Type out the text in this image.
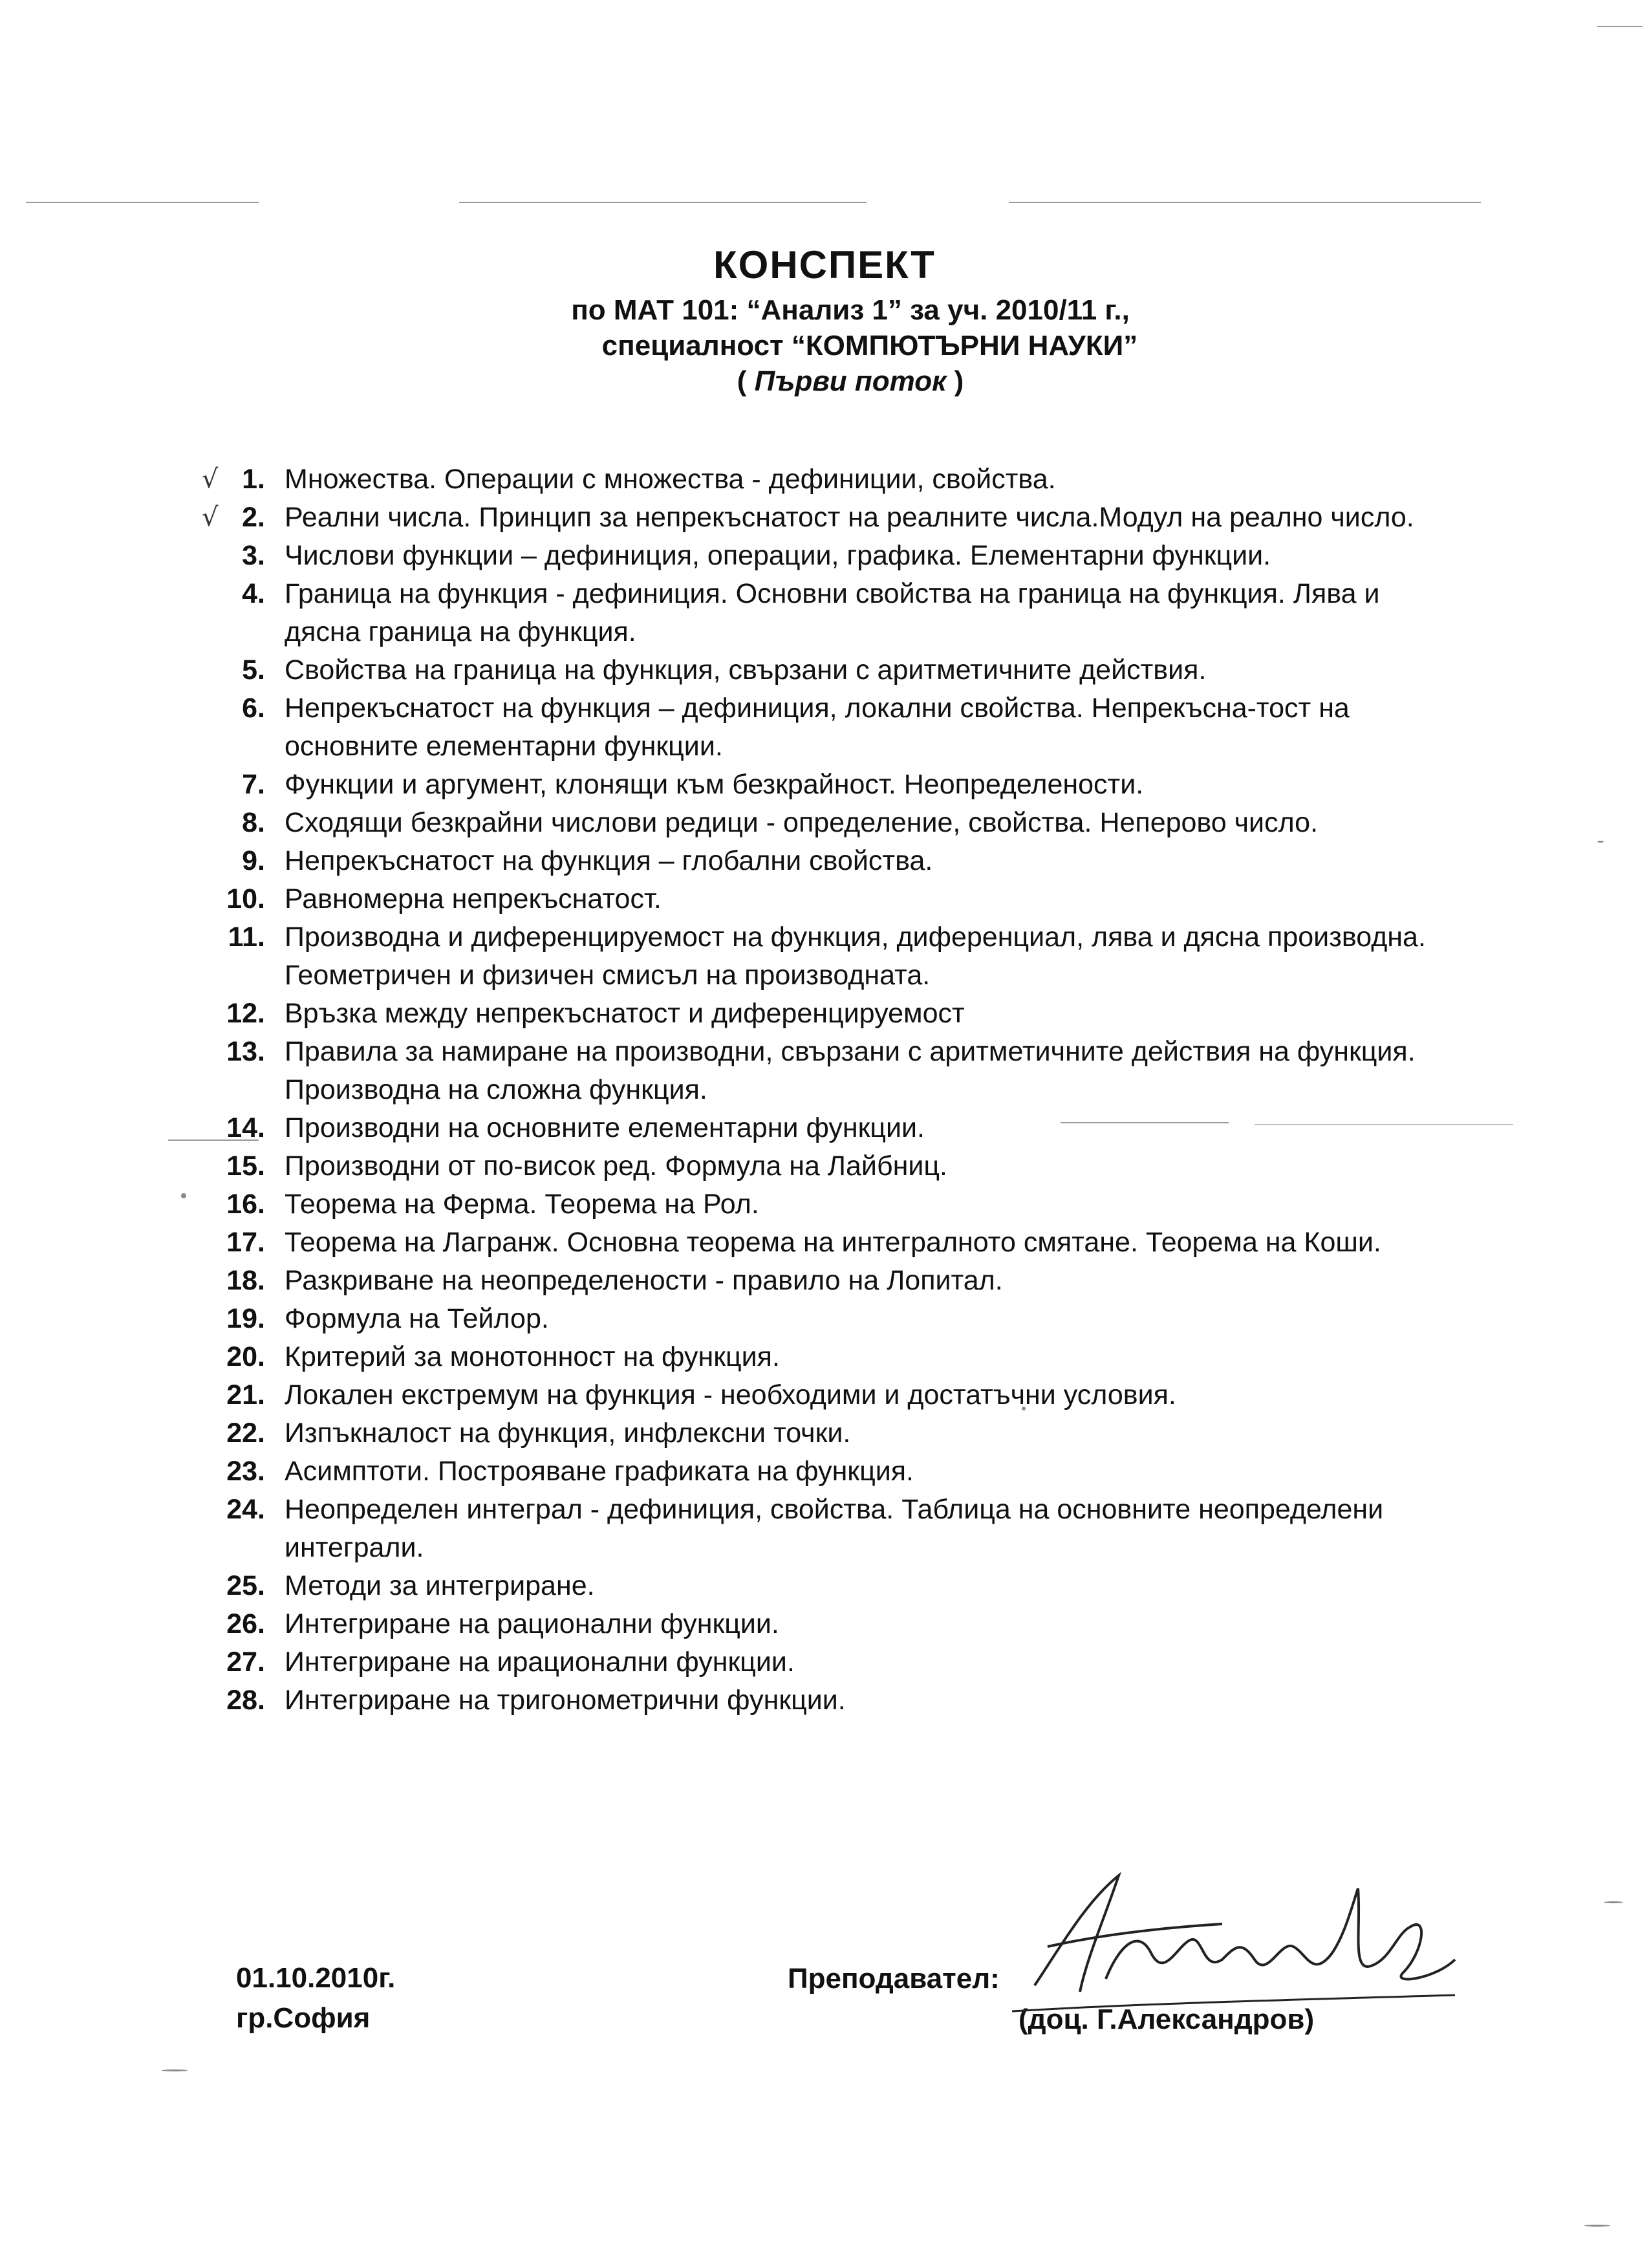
КОНСПЕКТ
по МАТ 101: “Анализ 1” за уч. 2010/11 г.,
специалност “КОМПЮТЪРНИ НАУКИ”
( Първи поток )
√ 1. Множества. Операции с множества - дефиниции, свойства.
√ 2. Реални числа. Принцип за непрекъснатост на реалните числа.Модул на реално число.
3. Числови функции – дефиниция, операции, графика. Елементарни функции.
4. Граница на функция - дефиниция. Основни свойства на граница на функция. Лява и дясна граница на функция.
5. Свойства на граница на функция, свързани с аритметичните действия.
6. Непрекъснатост на функция – дефиниция, локални свойства. Непрекъсна-тост на основните елементарни функции.
7. Функции и аргумент, клонящи към безкрайност. Неопределености.
8. Сходящи безкрайни числови редици - определение, свойства. Неперово число.
9. Непрекъснатост на функция – глобални свойства.
10. Равномерна непрекъснатост.
11. Производна и диференцируемост на функция, диференциал, лява и дясна производна. Геометричен и физичен смисъл на производната.
12. Връзка между непрекъснатост и диференцируемост
13. Правила за намиране на производни, свързани с аритметичните действия на функция. Производна на сложна функция.
14. Производни на основните елементарни функции.
15. Производни от по-висок ред. Формула на Лайбниц.
16. Теорема на Ферма. Теорема на Рол.
17. Теорема на Лагранж. Основна теорема на интегралното смятане. Теорема на Коши.
18. Разкриване на неопределености - правило на Лопитал.
19. Формула на Тейлор.
20. Критерий за монотонност на функция.
21. Локален екстремум на функция - необходими и достатъчни условия.
22. Изпъкналост на функция, инфлексни точки.
23. Асимптоти. Построяване графиката на функция.
24. Неопределен интеграл - дефиниция, свойства. Таблица на основните неопределени интеграли.
25. Методи за интегриране.
26. Интегриране на рационални функции.
27. Интегриране на ирационални функции.
28. Интегриране на тригонометрични функции.
01.10.2010г.
гр.София
Преподавател:
(доц. Г.Александров)
